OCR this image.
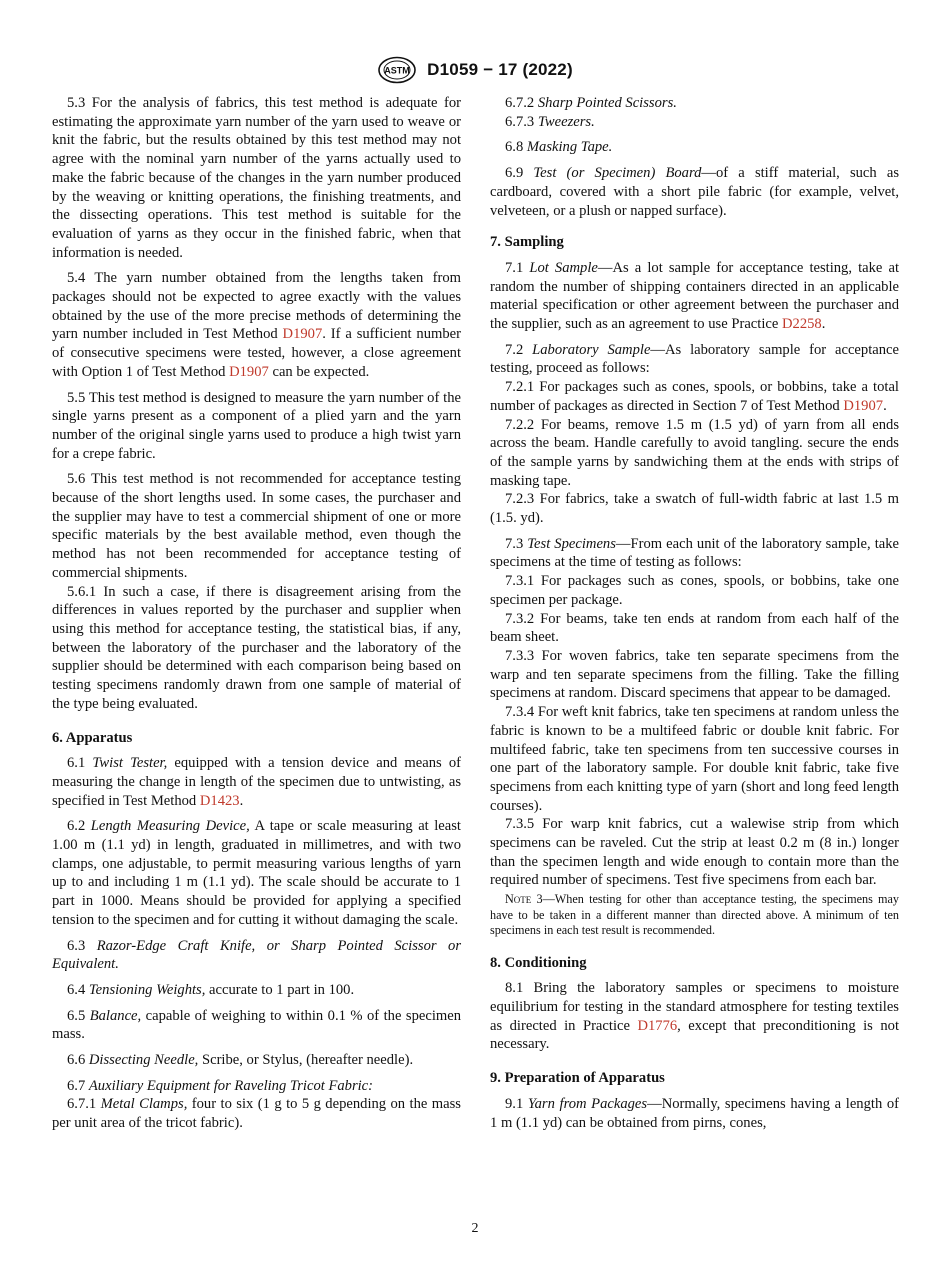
ASTM D1059 − 17 (2022)

5.3 For the analysis of fabrics, this test method is adequate for estimating the approximate yarn number of the yarn used to weave or knit the fabric, but the results obtained by this test method may not agree with the nominal yarn number of the yarns actually used to make the fabric because of the changes in the yarn number produced by the weaving or knitting operations, the finishing treatments, and the dissecting operations. This test method is suitable for the evaluation of yarns as they occur in the finished fabric, when that information is needed.

5.4 The yarn number obtained from the lengths taken from packages should not be expected to agree exactly with the values obtained by the use of the more precise methods of determining the yarn number included in Test Method D1907. If a sufficient number of consecutive specimens were tested, however, a close agreement with Option 1 of Test Method D1907 can be expected.

5.5 This test method is designed to measure the yarn number of the single yarns present as a component of a plied yarn and the yarn number of the original single yarns used to produce a high twist yarn for a crepe fabric.

5.6 This test method is not recommended for acceptance testing because of the short lengths used. In some cases, the purchaser and the supplier may have to test a commercial shipment of one or more specific materials by the best available method, even though the method has not been recommended for acceptance testing of commercial shipments.

5.6.1 In such a case, if there is disagreement arising from the differences in values reported by the purchaser and supplier when using this method for acceptance testing, the statistical bias, if any, between the laboratory of the purchaser and the laboratory of the supplier should be determined with each comparison being based on testing specimens randomly drawn from one sample of material of the type being evaluated.

6. Apparatus

6.1 Twist Tester, equipped with a tension device and means of measuring the change in length of the specimen due to untwisting, as specified in Test Method D1423.

6.2 Length Measuring Device, A tape or scale measuring at least 1.00 m (1.1 yd) in length, graduated in millimetres, and with two clamps, one adjustable, to permit measuring various lengths of yarn up to and including 1 m (1.1 yd). The scale should be accurate to 1 part in 1000. Means should be provided for applying a specified tension to the specimen and for cutting it without damaging the scale.

6.3 Razor-Edge Craft Knife, or Sharp Pointed Scissor or Equivalent.

6.4 Tensioning Weights, accurate to 1 part in 100.

6.5 Balance, capable of weighing to within 0.1 % of the specimen mass.

6.6 Dissecting Needle, Scribe, or Stylus, (hereafter needle).

6.7 Auxiliary Equipment for Raveling Tricot Fabric:

6.7.1 Metal Clamps, four to six (1 g to 5 g depending on the mass per unit area of the tricot fabric).

6.7.2 Sharp Pointed Scissors.

6.7.3 Tweezers.

6.8 Masking Tape.

6.9 Test (or Specimen) Board—of a stiff material, such as cardboard, covered with a short pile fabric (for example, velvet, velveteen, or a plush or napped surface).

7. Sampling

7.1 Lot Sample—As a lot sample for acceptance testing, take at random the number of shipping containers directed in an applicable material specification or other agreement between the purchaser and the supplier, such as an agreement to use Practice D2258.

7.2 Laboratory Sample—As laboratory sample for acceptance testing, proceed as follows:

7.2.1 For packages such as cones, spools, or bobbins, take a total number of packages as directed in Section 7 of Test Method D1907.

7.2.2 For beams, remove 1.5 m (1.5 yd) of yarn from all ends across the beam. Handle carefully to avoid tangling. secure the ends of the sample yarns by sandwiching them at the ends with strips of masking tape.

7.2.3 For fabrics, take a swatch of full-width fabric at last 1.5 m (1.5. yd).

7.3 Test Specimens—From each unit of the laboratory sample, take specimens at the time of testing as follows:

7.3.1 For packages such as cones, spools, or bobbins, take one specimen per package.

7.3.2 For beams, take ten ends at random from each half of the beam sheet.

7.3.3 For woven fabrics, take ten separate specimens from the warp and ten separate specimens from the filling. Take the filling specimens at random. Discard specimens that appear to be damaged.

7.3.4 For weft knit fabrics, take ten specimens at random unless the fabric is known to be a multifeed fabric or double knit fabric. For multifeed fabric, take ten specimens from ten successive courses in one part of the laboratory sample. For double knit fabric, take five specimens from each knitting type of yarn (short and long feed length courses).

7.3.5 For warp knit fabrics, cut a walewise strip from which specimens can be raveled. Cut the strip at least 0.2 m (8 in.) longer than the specimen length and wide enough to contain more than the required number of specimens. Test five specimens from each bar.

Note 3—When testing for other than acceptance testing, the specimens may have to be taken in a different manner than directed above. A minimum of ten specimens in each test result is recommended.

8. Conditioning

8.1 Bring the laboratory samples or specimens to moisture equilibrium for testing in the standard atmosphere for testing textiles as directed in Practice D1776, except that preconditioning is not necessary.

9. Preparation of Apparatus

9.1 Yarn from Packages—Normally, specimens having a length of 1 m (1.1 yd) can be obtained from pirns, cones,

2
